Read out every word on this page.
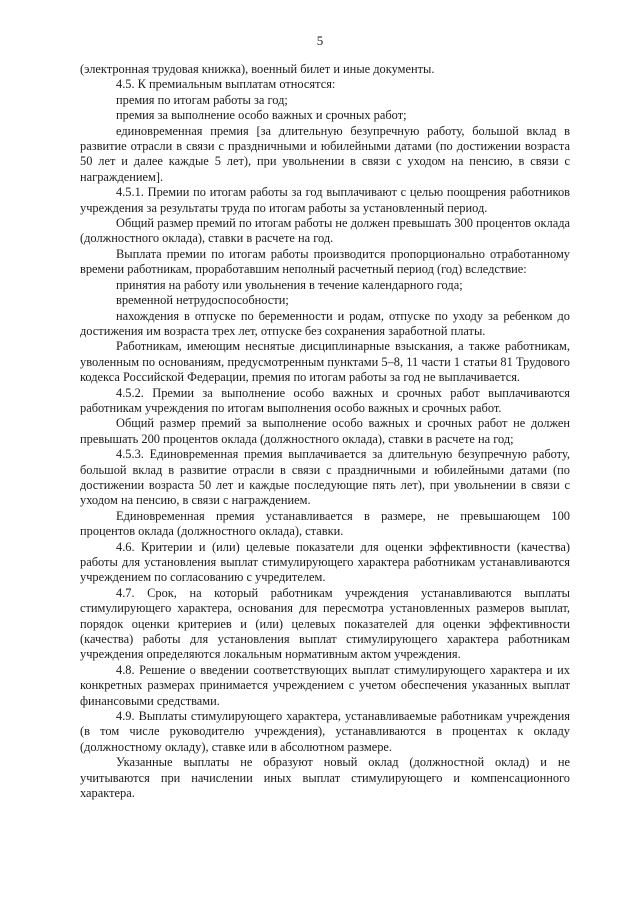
5

(электронная трудовая книжка), военный билет и иные документы.

4.5. К премиальным выплатам относятся:

премия по итогам работы за год;

премия за выполнение особо важных и срочных работ;

единовременная премия [за длительную безупречную работу, большой вклад в развитие отрасли в связи с праздничными и юбилейными датами (по достижении возраста 50 лет и далее каждые 5 лет), при увольнении в связи с уходом на пенсию, в связи с награждением].

4.5.1. Премии по итогам работы за год выплачивают с целью поощрения работников учреждения за результаты труда по итогам работы за установленный период.

Общий размер премий по итогам работы не должен превышать 300 процентов оклада (должностного оклада), ставки в расчете на год.

Выплата премии по итогам работы производится пропорционально отработанному времени работникам, проработавшим неполный расчетный период (год) вследствие:

принятия на работу или увольнения в течение календарного года;

временной нетрудоспособности;

нахождения в отпуске по беременности и родам, отпуске по уходу за ребенком до достижения им возраста трех лет, отпуске без сохранения заработной платы.

Работникам, имеющим неснятые дисциплинарные взыскания, а также работникам, уволенным по основаниям, предусмотренным пунктами 5–8, 11 части 1 статьи 81 Трудового кодекса Российской Федерации, премия по итогам работы за год не выплачивается.

4.5.2. Премии за выполнение особо важных и срочных работ выплачиваются работникам учреждения по итогам выполнения особо важных и срочных работ.

Общий размер премий за выполнение особо важных и срочных работ не должен превышать 200 процентов оклада (должностного оклада), ставки в расчете на год;

4.5.3. Единовременная премия выплачивается за длительную безупречную работу, большой вклад в развитие отрасли в связи с праздничными и юбилейными датами (по достижении возраста 50 лет и каждые последующие пять лет), при увольнении в связи с уходом на пенсию, в связи с награждением.

Единовременная премия устанавливается в размере, не превышающем 100 процентов оклада (должностного оклада), ставки.

4.6. Критерии и (или) целевые показатели для оценки эффективности (качества) работы для установления выплат стимулирующего характера работникам устанавливаются учреждением по согласованию с учредителем.

4.7. Срок, на который работникам учреждения устанавливаются выплаты стимулирующего характера, основания для пересмотра установленных размеров выплат, порядок оценки критериев и (или) целевых показателей для оценки эффективности (качества) работы для установления выплат стимулирующего характера работникам учреждения определяются локальным нормативным актом учреждения.

4.8. Решение о введении соответствующих выплат стимулирующего характера и их конкретных размерах принимается учреждением с учетом обеспечения указанных выплат финансовыми средствами.

4.9. Выплаты стимулирующего характера, устанавливаемые работникам учреждения (в том числе руководителю учреждения), устанавливаются в процентах к окладу (должностному окладу), ставке или в абсолютном размере.

Указанные выплаты не образуют новый оклад (должностной оклад) и не учитываются при начислении иных выплат стимулирующего и компенсационного характера.
